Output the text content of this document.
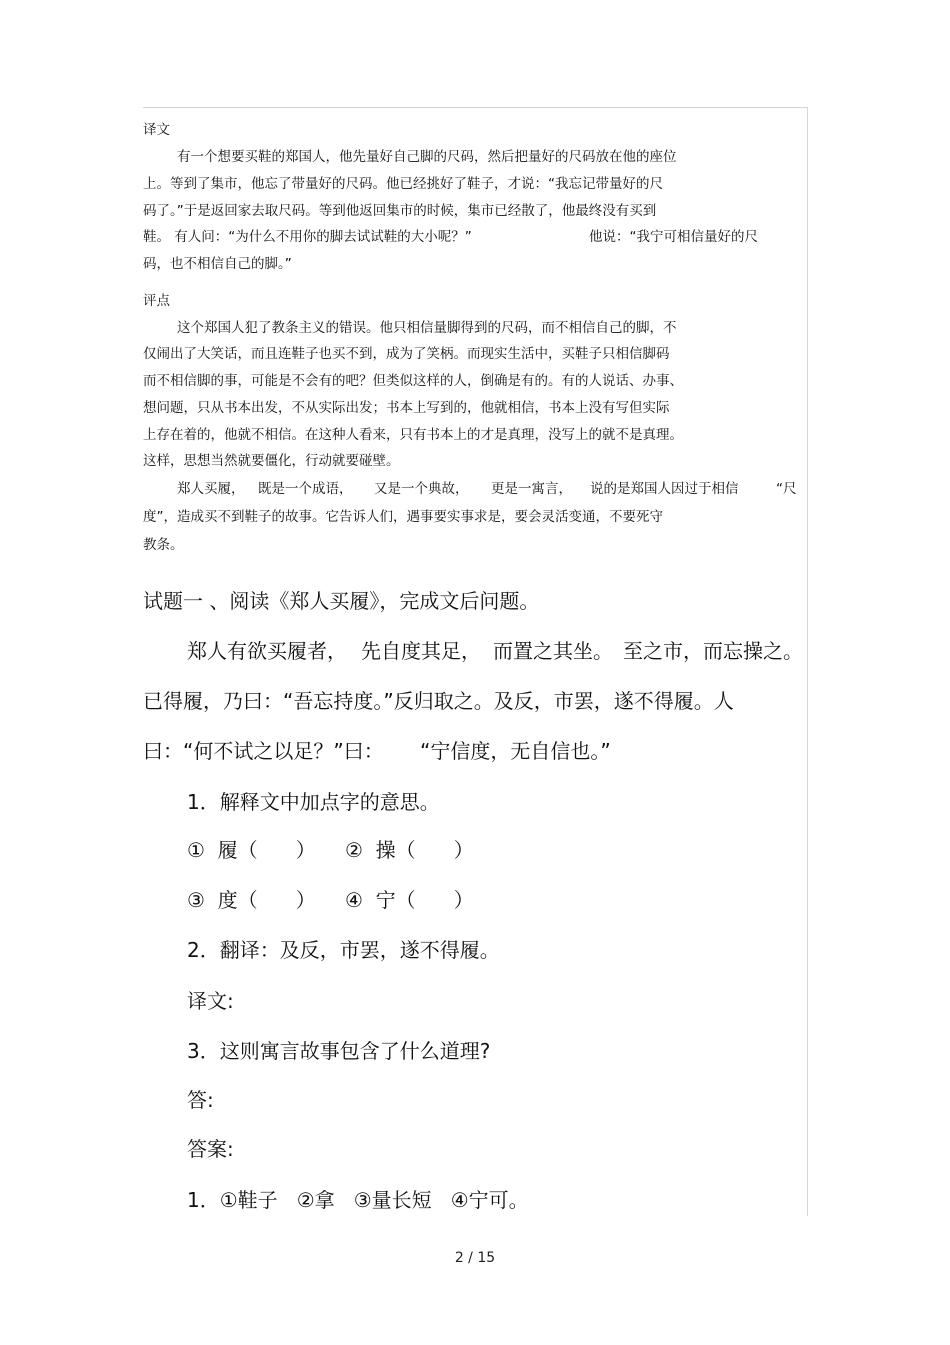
译文
有一个想要买鞋的郑国人，他先量好自己脚的尺码，然后把量好的尺码放在他的座位
上。等到了集市，他忘了带量好的尺码。他已经挑好了鞋子，才说：“我忘记带量好的尺
码了。”于是返回家去取尺码。等到他返回集市的时候，集市已经散了，他最终没有买到
鞋。 有人问：“为什么不用你的脚去试试鞋的大小呢？”	他说：“我宁可相信量好的尺
码，也不相信自己的脚。”
评点
这个郑国人犯了教条主义的错误。他只相信量脚得到的尺码，而不相信自己的脚，不
仅闹出了大笑话，而且连鞋子也买不到，成为了笑柄。而现实生活中，买鞋子只相信脚码
而不相信脚的事，可能是不会有的吧？但类似这样的人，倒确是有的。有的人说话、办事、
想问题，只从书本出发，不从实际出发；书本上写到的，他就相信，书本上没有写但实际
上存在着的，他就不相信。在这种人看来，只有书本上的才是真理，没写上的就不是真理。
这样，思想当然就要僵化，行动就要碰壁。
郑人买履， 既是一个成语， 又是一个典故， 更是一寓言， 说的是郑国人因过于相信	“尺
度”，造成买不到鞋子的故事。它告诉人们，遇事要实事求是，要会灵活变通，不要死守
教条。
试题一 、阅读《郑人买履》，完成文后问题。
郑人有欲买履者， 先自度其足， 而置之其坐。 至之市，而忘操之。
已得履，乃曰：“吾忘持度。”反归取之。及反，市罢，遂不得履。人
曰：“何不试之以足？”曰： “宁信度，无自信也。”
1．解释文中加点字的意思。
①  履（      ） ②  操（      ）
③  度（      ） ④  宁（      ）
2．翻译：及反，市罢，遂不得履。
译文:
3．这则寓言故事包含了什么道理?
答:
答案:
1．①鞋子   ②拿   ③量长短   ④宁可。
2 / 15
